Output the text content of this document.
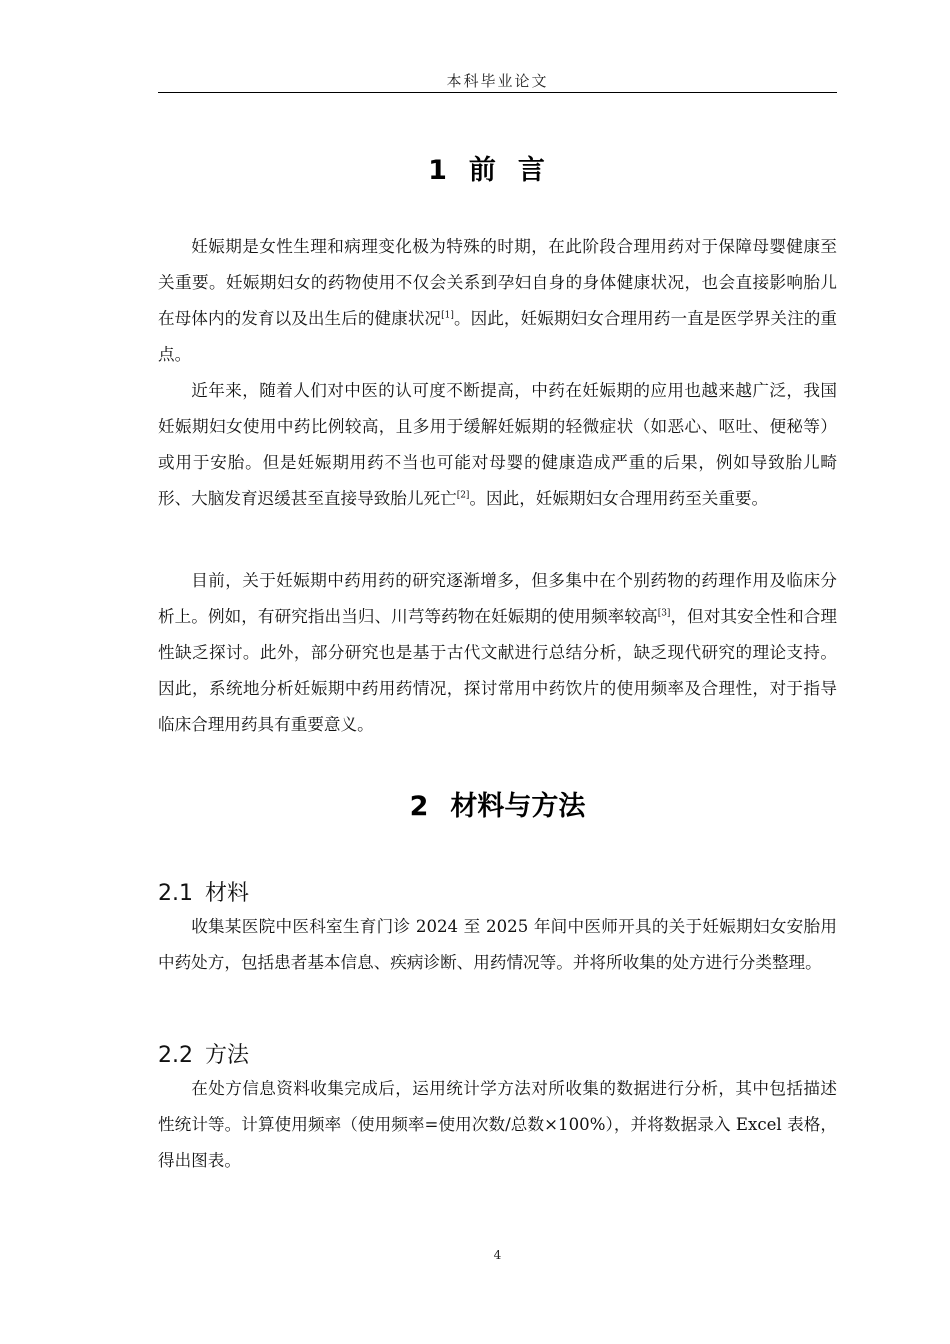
本科毕业论文
1 前言

妊娠期是女性生理和病理变化极为特殊的时期，在此阶段合理用药对于保障母婴健康至关重要。妊娠期妇女的药物使用不仅会关系到孕妇自身的身体健康状况，也会直接影响胎儿在母体内的发育以及出生后的健康状况[1]。因此，妊娠期妇女合理用药一直是医学界关注的重点。

近年来，随着人们对中医的认可度不断提高，中药在妊娠期的应用也越来越广泛，我国妊娠期妇女使用中药比例较高，且多用于缓解妊娠期的轻微症状（如恶心、呕吐、便秘等）或用于安胎。但是妊娠期用药不当也可能对母婴的健康造成严重的后果，例如导致胎儿畸形、大脑发育迟缓甚至直接导致胎儿死亡[2]。因此，妊娠期妇女合理用药至关重要。

目前，关于妊娠期中药用药的研究逐渐增多，但多集中在个别药物的药理作用及临床分析上。例如，有研究指出当归、川芎等药物在妊娠期的使用频率较高[3]，但对其安全性和合理性缺乏探讨。此外，部分研究也是基于古代文献进行总结分析，缺乏现代研究的理论支持。因此，系统地分析妊娠期中药用药情况，探讨常用中药饮片的使用频率及合理性，对于指导临床合理用药具有重要意义。

2 材料与方法
2.1 材料

收集某医院中医科室生育门诊 2024 至 2025 年间中医师开具的关于妊娠期妇女安胎用中药处方，包括患者基本信息、疾病诊断、用药情况等。并将所收集的处方进行分类整理。

2.2 方法

在处方信息资料收集完成后，运用统计学方法对所收集的数据进行分析，其中包括描述性统计等。计算使用频率（使用频率=使用次数/总数×100%），并将数据录入 Excel 表格，得出图表。

4
